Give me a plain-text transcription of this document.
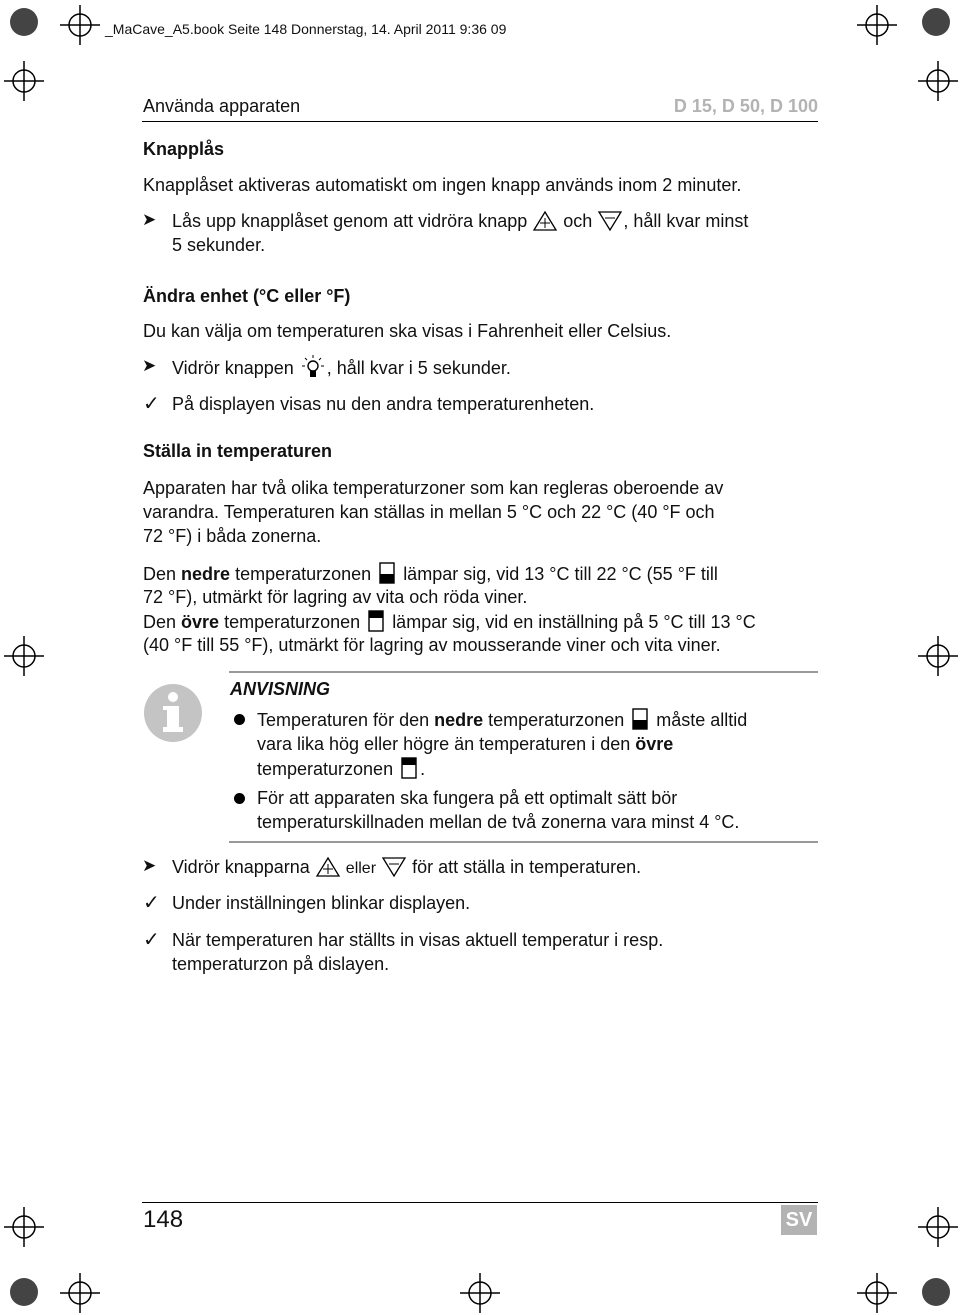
_MaCave_A5.book Seite 148 Donnerstag, 14. April 2011 9:36 09
Använda apparaten	D 15, D 50, D 100
Knapplås
Knapplåset aktiveras automatiskt om ingen knapp används inom 2 minuter.
➤ Lås upp knapplåset genom att vidröra knapp och , håll kvar minst
5 sekunder.
Ändra enhet (°C eller °F)
Du kan välja om temperaturen ska visas i Fahrenheit eller Celsius.
➤ Vidrör knappen , håll kvar i 5 sekunder.
✓ På displayen visas nu den andra temperaturenheten.
Ställa in temperaturen
Apparaten har två olika temperaturzoner som kan regleras oberoende av
varandra. Temperaturen kan ställas in mellan 5 °C och 22 °C (40 °F och
72 °F) i båda zonerna.
Den nedre temperaturzonen lämpar sig, vid 13 °C till 22 °C (55 °F till
72 °F), utmärkt för lagring av vita och röda viner.
Den övre temperaturzonen lämpar sig, vid en inställning på 5 °C till 13 °C
(40 °F till 55 °F), utmärkt för lagring av mousserande viner och vita viner.
ANVISNING
Temperaturen för den nedre temperaturzonen måste alltid
vara lika hög eller högre än temperaturen i den övre
temperaturzonen .
För att apparaten ska fungera på ett optimalt sätt bör
temperaturskillnaden mellan de två zonerna vara minst 4 °C.
➤ Vidrör knapparna eller för att ställa in temperaturen.
✓ Under inställningen blinkar displayen.
✓ När temperaturen har ställts in visas aktuell temperatur i resp.
temperaturzon på dislayen.
148	SV
